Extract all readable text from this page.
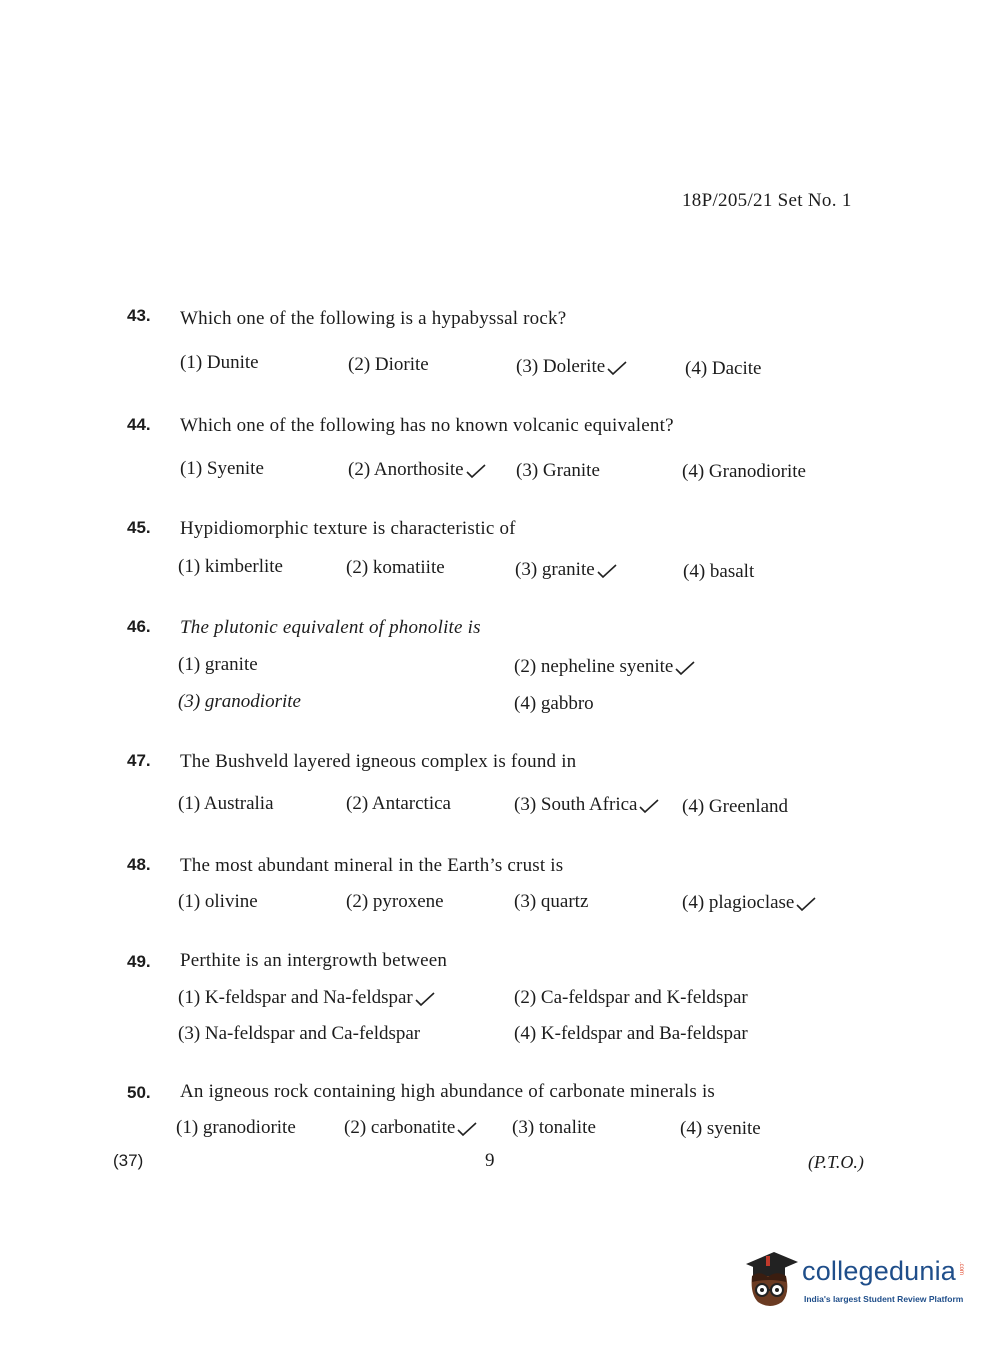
18P/205/21 Set No. 1
43. Which one of the following is a hypabyssal rock?
(1) Dunite	(2) Diorite	(3) Dolerite	(4) Dacite
44. Which one of the following has no known volcanic equivalent?
(1) Syenite	(2) Anorthosite	(3) Granite	(4) Granodiorite
45. Hypidiomorphic texture is characteristic of
(1) kimberlite	(2) komatiite	(3) granite	(4) basalt
46. The plutonic equivalent of phonolite is
(1) granite	(2) nepheline syenite
(3) granodiorite	(4) gabbro
47. The Bushveld layered igneous complex is found in
(1) Australia	(2) Antarctica	(3) South Africa	(4) Greenland
48. The most abundant mineral in the Earth’s crust is
(1) olivine	(2) pyroxene	(3) quartz	(4) plagioclase
49. Perthite is an intergrowth between
(1) K-feldspar and Na-feldspar	(2) Ca-feldspar and K-feldspar
(3) Na-feldspar and Ca-feldspar	(4) K-feldspar and Ba-feldspar
50. An igneous rock containing high abundance of carbonate minerals is
(1) granodiorite	(2) carbonatite	(3) tonalite	(4) syenite
(37)	9	(P.T.O.)
collegedunia .com
India's largest Student Review Platform
